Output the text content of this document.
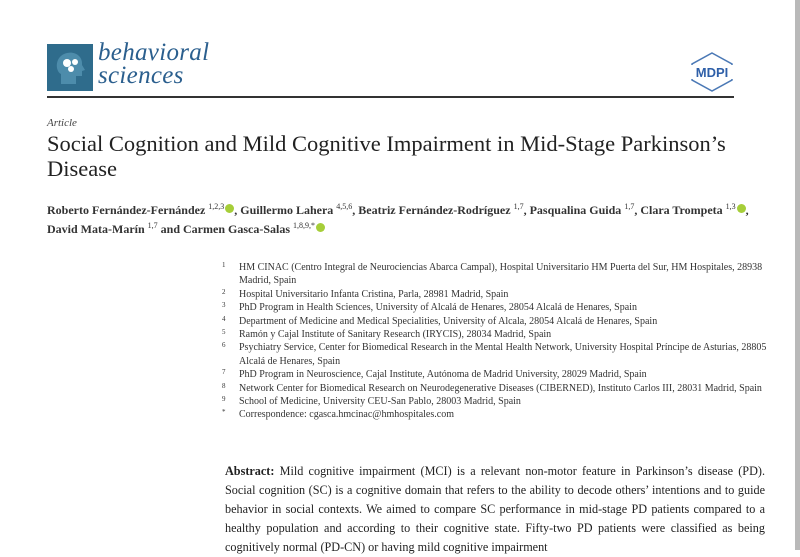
behavioral
sciences	MDPI
Article
Social Cognition and Mild Cognitive Impairment in Mid-Stage Parkinson’s Disease
Roberto Fernández-Fernández $^{1,2,3}$ , Guillermo Lahera $^{4,5,6}$, Beatriz Fernández-Rodríguez $^{1,7}$, Pasqualina Guida $^{1,7}$, Clara Trompeta $^{1,3}$ , David Mata-Marín $^{1,7}$ and Carmen Gasca-Salas $^{1,8,9,*}$
1 HM CINAC (Centro Integral de Neurociencias Abarca Campal), Hospital Universitario HM Puerta del Sur, HM Hospitales, 28938 Madrid, Spain
2 Hospital Universitario Infanta Cristina, Parla, 28981 Madrid, Spain
3 PhD Program in Health Sciences, University of Alcalá de Henares, 28054 Alcalá de Henares, Spain
4 Department of Medicine and Medical Specialities, University of Alcala, 28054 Alcalá de Henares, Spain
5 Ramón y Cajal Institute of Sanitary Research (IRYCIS), 28034 Madrid, Spain
6 Psychiatry Service, Center for Biomedical Research in the Mental Health Network, University Hospital Príncipe de Asturias, 28805 Alcalá de Henares, Spain
7 PhD Program in Neuroscience, Cajal Institute, Autónoma de Madrid University, 28029 Madrid, Spain
8 Network Center for Biomedical Research on Neurodegenerative Diseases (CIBERNED), Instituto Carlos III, 28031 Madrid, Spain
9 School of Medicine, University CEU-San Pablo, 28003 Madrid, Spain
* Correspondence: cgasca.hmcinac@hmhospitales.com
Abstract: Mild cognitive impairment (MCI) is a relevant non-motor feature in Parkinson’s disease (PD). Social cognition (SC) is a cognitive domain that refers to the ability to decode others’ intentions and to guide behavior in social contexts. We aimed to compare SC performance in mid-stage PD patients compared to a healthy population and according to their cognitive state. Fifty-two PD patients were classified as being cognitively normal (PD-CN) or having mild cognitive impairment
